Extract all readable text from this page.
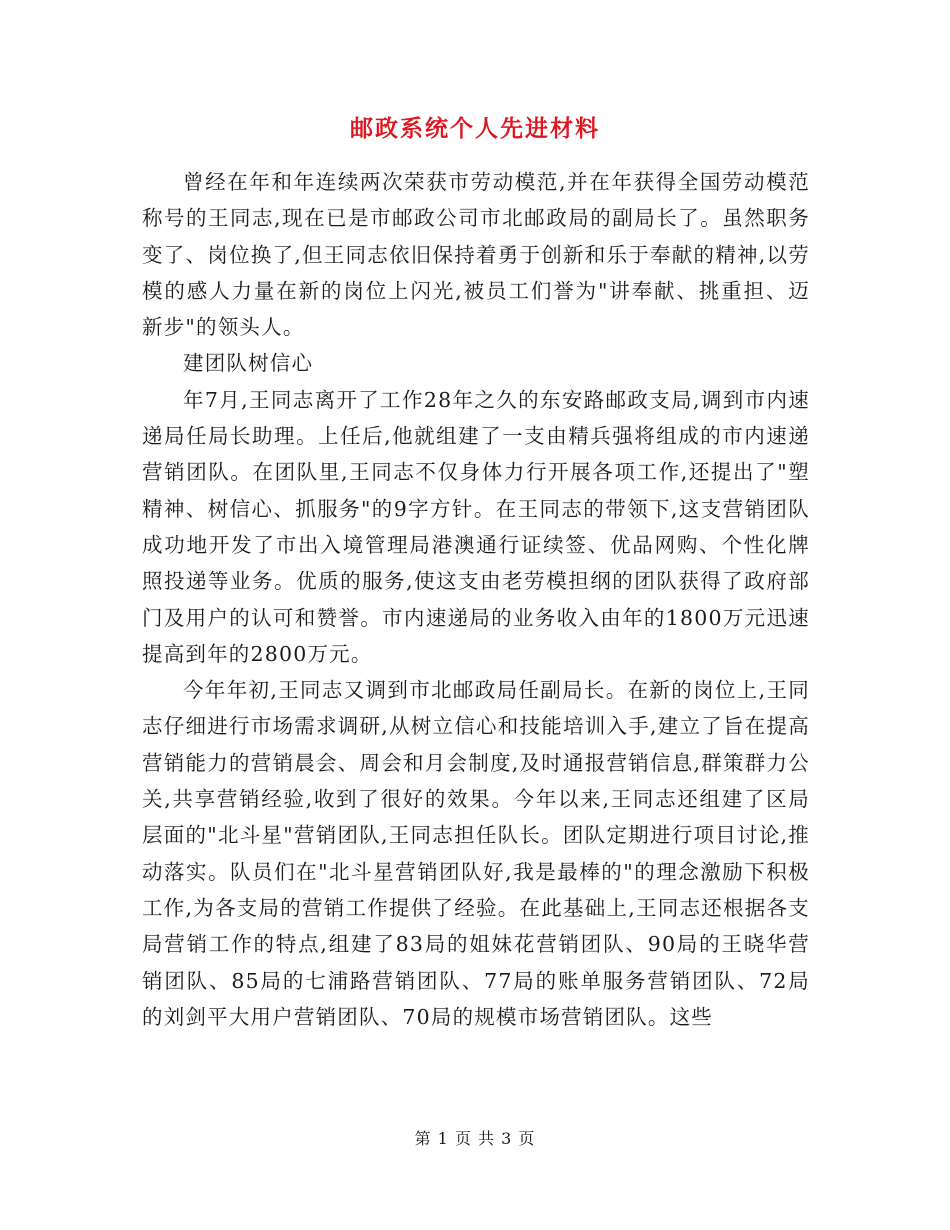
邮政系统个人先进材料

曾经在年和年连续两次荣获市劳动模范,并在年获得全国劳动模范称号的王同志,现在已是市邮政公司市北邮政局的副局长了。虽然职务变了、岗位换了,但王同志依旧保持着勇于创新和乐于奉献的精神,以劳模的感人力量在新的岗位上闪光,被员工们誉为"讲奉献、挑重担、迈新步"的领头人。

建团队树信心

年7月,王同志离开了工作28年之久的东安路邮政支局,调到市内速递局任局长助理。上任后,他就组建了一支由精兵强将组成的市内速递营销团队。在团队里,王同志不仅身体力行开展各项工作,还提出了"塑精神、树信心、抓服务"的9字方针。在王同志的带领下,这支营销团队成功地开发了市出入境管理局港澳通行证续签、优品网购、个性化牌照投递等业务。优质的服务,使这支由老劳模担纲的团队获得了政府部门及用户的认可和赞誉。市内速递局的业务收入由年的1800万元迅速提高到年的2800万元。

今年年初,王同志又调到市北邮政局任副局长。在新的岗位上,王同志仔细进行市场需求调研,从树立信心和技能培训入手,建立了旨在提高营销能力的营销晨会、周会和月会制度,及时通报营销信息,群策群力公关,共享营销经验,收到了很好的效果。今年以来,王同志还组建了区局层面的"北斗星"营销团队,王同志担任队长。团队定期进行项目讨论,推动落实。队员们在"北斗星营销团队好,我是最棒的"的理念激励下积极工作,为各支局的营销工作提供了经验。在此基础上,王同志还根据各支局营销工作的特点,组建了83局的姐妹花营销团队、90局的王晓华营销团队、85局的七浦路营销团队、77局的账单服务营销团队、72局的刘剑平大用户营销团队、70局的规模市场营销团队。这些

第 1 页 共 3 页
